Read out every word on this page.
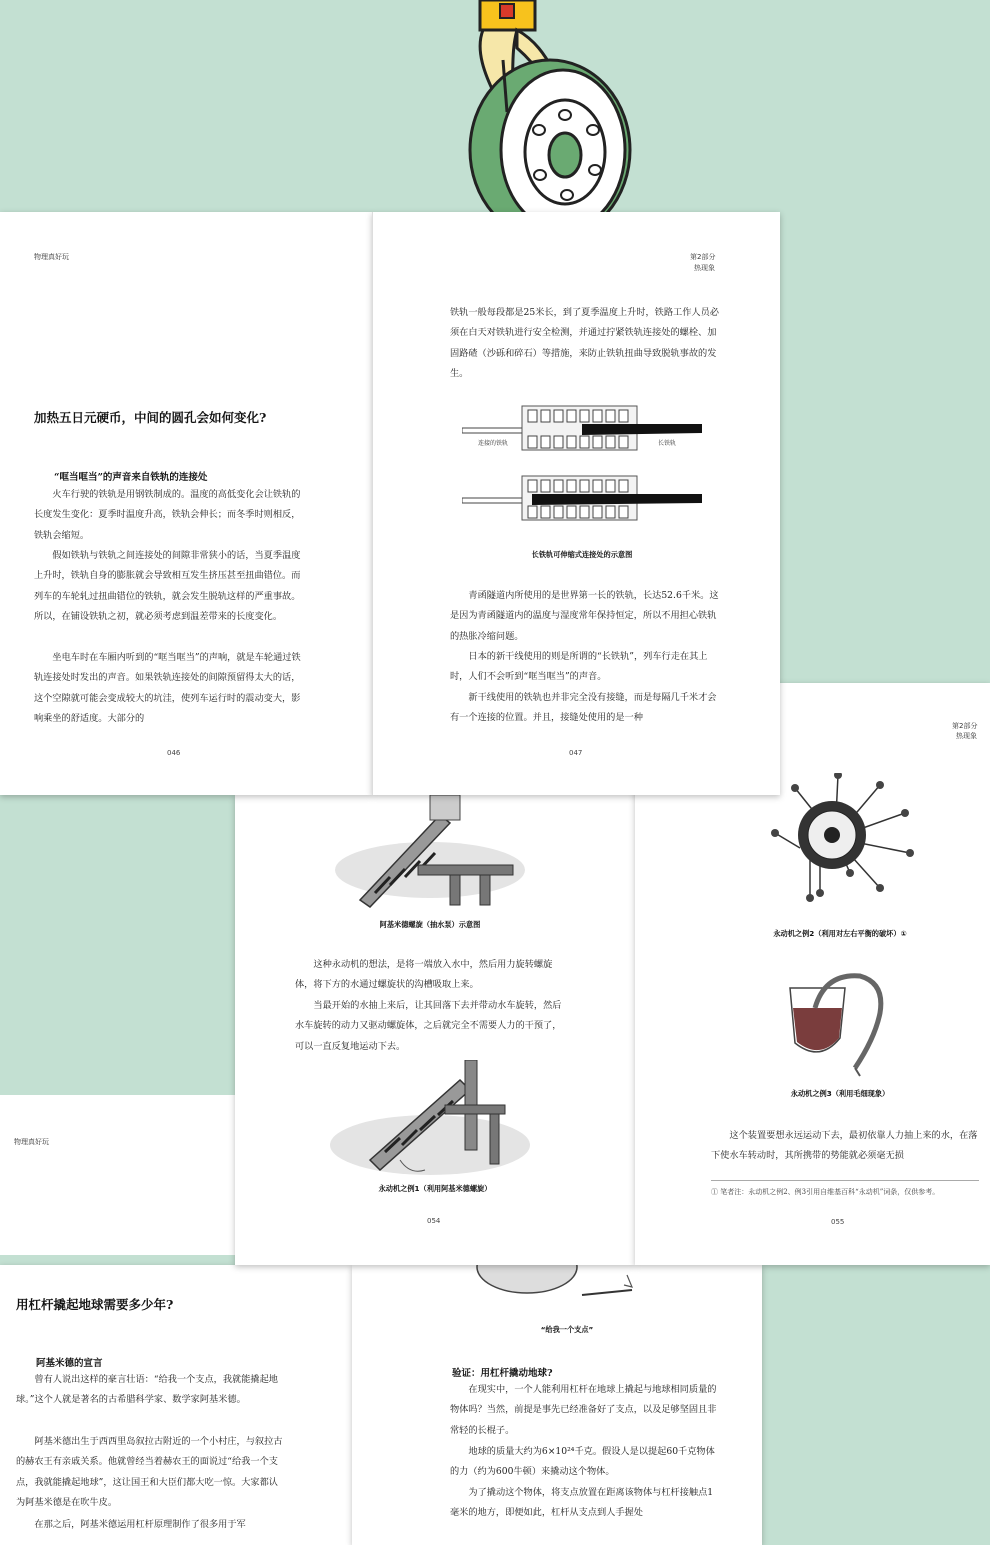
用杠杆撬起地球需要多少年?
阿基米德的宣言

曾有人说出这样的豪言壮语：“给我一个支点，我就能撬起地球。”这个人就是著名的古希腊科学家、数学家阿基米德。

阿基米德出生于西西里岛叙拉古附近的一个小村庄，与叙拉古的赫农王有亲戚关系。他就曾经当着赫农王的面说过“给我一个支点，我就能撬起地球”，这让国王和大臣们都大吃一惊。大家都认为阿基米德是在吹牛皮。

在那之后，阿基米德运用杠杆原理制作了很多用于军

“给我一个支点”
验证：用杠杆撬动地球?

在现实中，一个人能利用杠杆在地球上撬起与地球相同质量的物体吗？当然，前提是事先已经准备好了支点，以及足够坚固且非常轻的长棍子。

地球的质量大约为6×10²⁴千克。假设人是以提起60千克物体的力（约为600牛顿）来撬动这个物体。

为了撬动这个物体，将支点放置在距离该物体与杠杆接触点1毫米的地方，即便如此，杠杆从支点到人手握处

物理真好玩
阿基米德螺旋（抽水泵）示意图

这种永动机的想法，是将一端放入水中，然后用力旋转螺旋体，将下方的水通过螺旋状的沟槽吸取上来。

当最开始的水抽上来后，让其回落下去并带动水车旋转，然后水车旋转的动力又驱动螺旋体，之后就完全不需要人力的干预了，可以一直反复地运动下去。

永动机之例1（利用阿基米德螺旋）
054
第2部分
热现象
永动机之例2（利用对左右平衡的破坏）①
永动机之例3（利用毛细现象）

这个装置要想永远运动下去，最初依靠人力抽上来的水，在落下使水车转动时，其所携带的势能就必须毫无损

① 笔者注：永动机之例2、例3引用自维基百科“永动机”词条，仅供参考。
055
物理真好玩
加热五日元硬币，中间的圆孔会如何变化?
“哐当哐当”的声音来自铁轨的连接处

火车行驶的铁轨是用钢铁制成的。温度的高低变化会让铁轨的长度发生变化：夏季时温度升高，铁轨会伸长；而冬季时则相反，铁轨会缩短。

假如铁轨与铁轨之间连接处的间隙非常狭小的话，当夏季温度上升时，铁轨自身的膨胀就会导致相互发生挤压甚至扭曲错位。而列车的车轮轧过扭曲错位的铁轨，就会发生脱轨这样的严重事故。所以，在铺设铁轨之初，就必须考虑到温差带来的长度变化。

坐电车时在车厢内听到的“哐当哐当”的声响，就是车轮通过铁轨连接处时发出的声音。如果铁轨连接处的间隙预留得太大的话，这个空隙就可能会变成较大的坑洼，使列车运行时的震动变大，影响乘坐的舒适度。大部分的

046
第2部分
热现象

铁轨一般每段都是25米长，到了夏季温度上升时，铁路工作人员必须在白天对铁轨进行安全检测，并通过拧紧铁轨连接处的螺栓、加固路碴（沙砾和碎石）等措施，来防止铁轨扭曲导致脱轨事故的发生。

连接的铁轨	长铁轨
长铁轨可伸缩式连接处的示意图

青函隧道内所使用的是世界第一长的铁轨，长达52.6千米。这是因为青函隧道内的温度与湿度常年保持恒定，所以不用担心铁轨的热胀冷缩问题。

日本的新干线使用的则是所谓的“长铁轨”，列车行走在其上时，人们不会听到“哐当哐当”的声音。

新干线使用的铁轨也并非完全没有接缝，而是每隔几千米才会有一个连接的位置。并且，接缝处使用的是一种

047
